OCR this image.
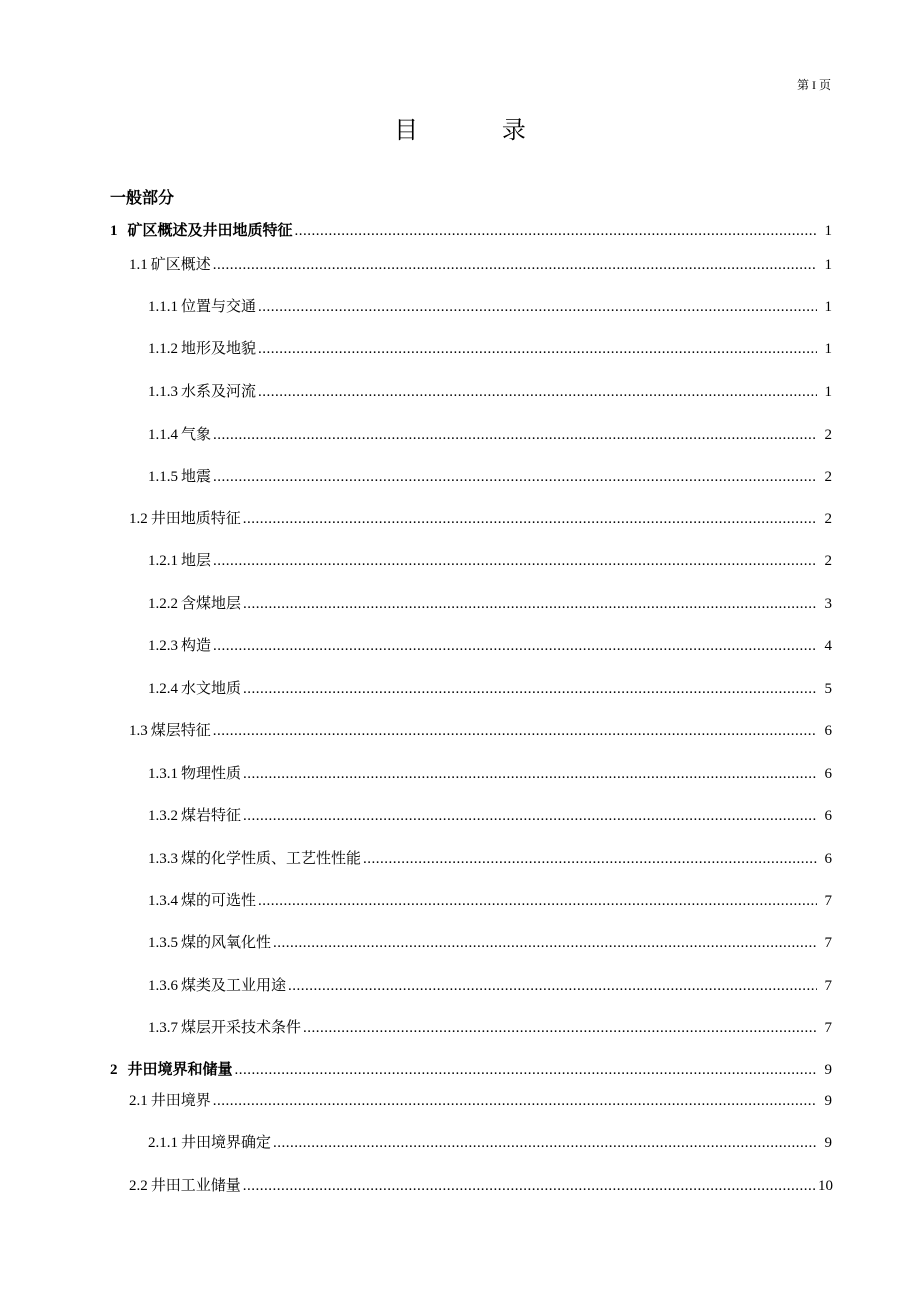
第 I 页
目	录
一般部分
1 矿区概述及井田地质特征 .....	1
1.1 矿区概述 .....	1
1.1.1 位置与交通 .....	1
1.1.2 地形及地貌 .....	1
1.1.3 水系及河流 .....	1
1.1.4 气象 .....	2
1.1.5 地震 .....	2
1.2 井田地质特征 .....	2
1.2.1 地层 .....	2
1.2.2 含煤地层 .....	3
1.2.3 构造 .....	4
1.2.4 水文地质 .....	5
1.3 煤层特征 .....	6
1.3.1 物理性质 .....	6
1.3.2 煤岩特征 .....	6
1.3.3 煤的化学性质、工艺性性能 .....	6
1.3.4 煤的可选性 .....	7
1.3.5 煤的风氧化性 .....	7
1.3.6 煤类及工业用途 .....	7
1.3.7 煤层开采技术条件 .....	7
2 井田境界和储量 .....	9
2.1 井田境界 .....	9
2.1.1 井田境界确定 .....	9
2.2 井田工业储量 .....	10
